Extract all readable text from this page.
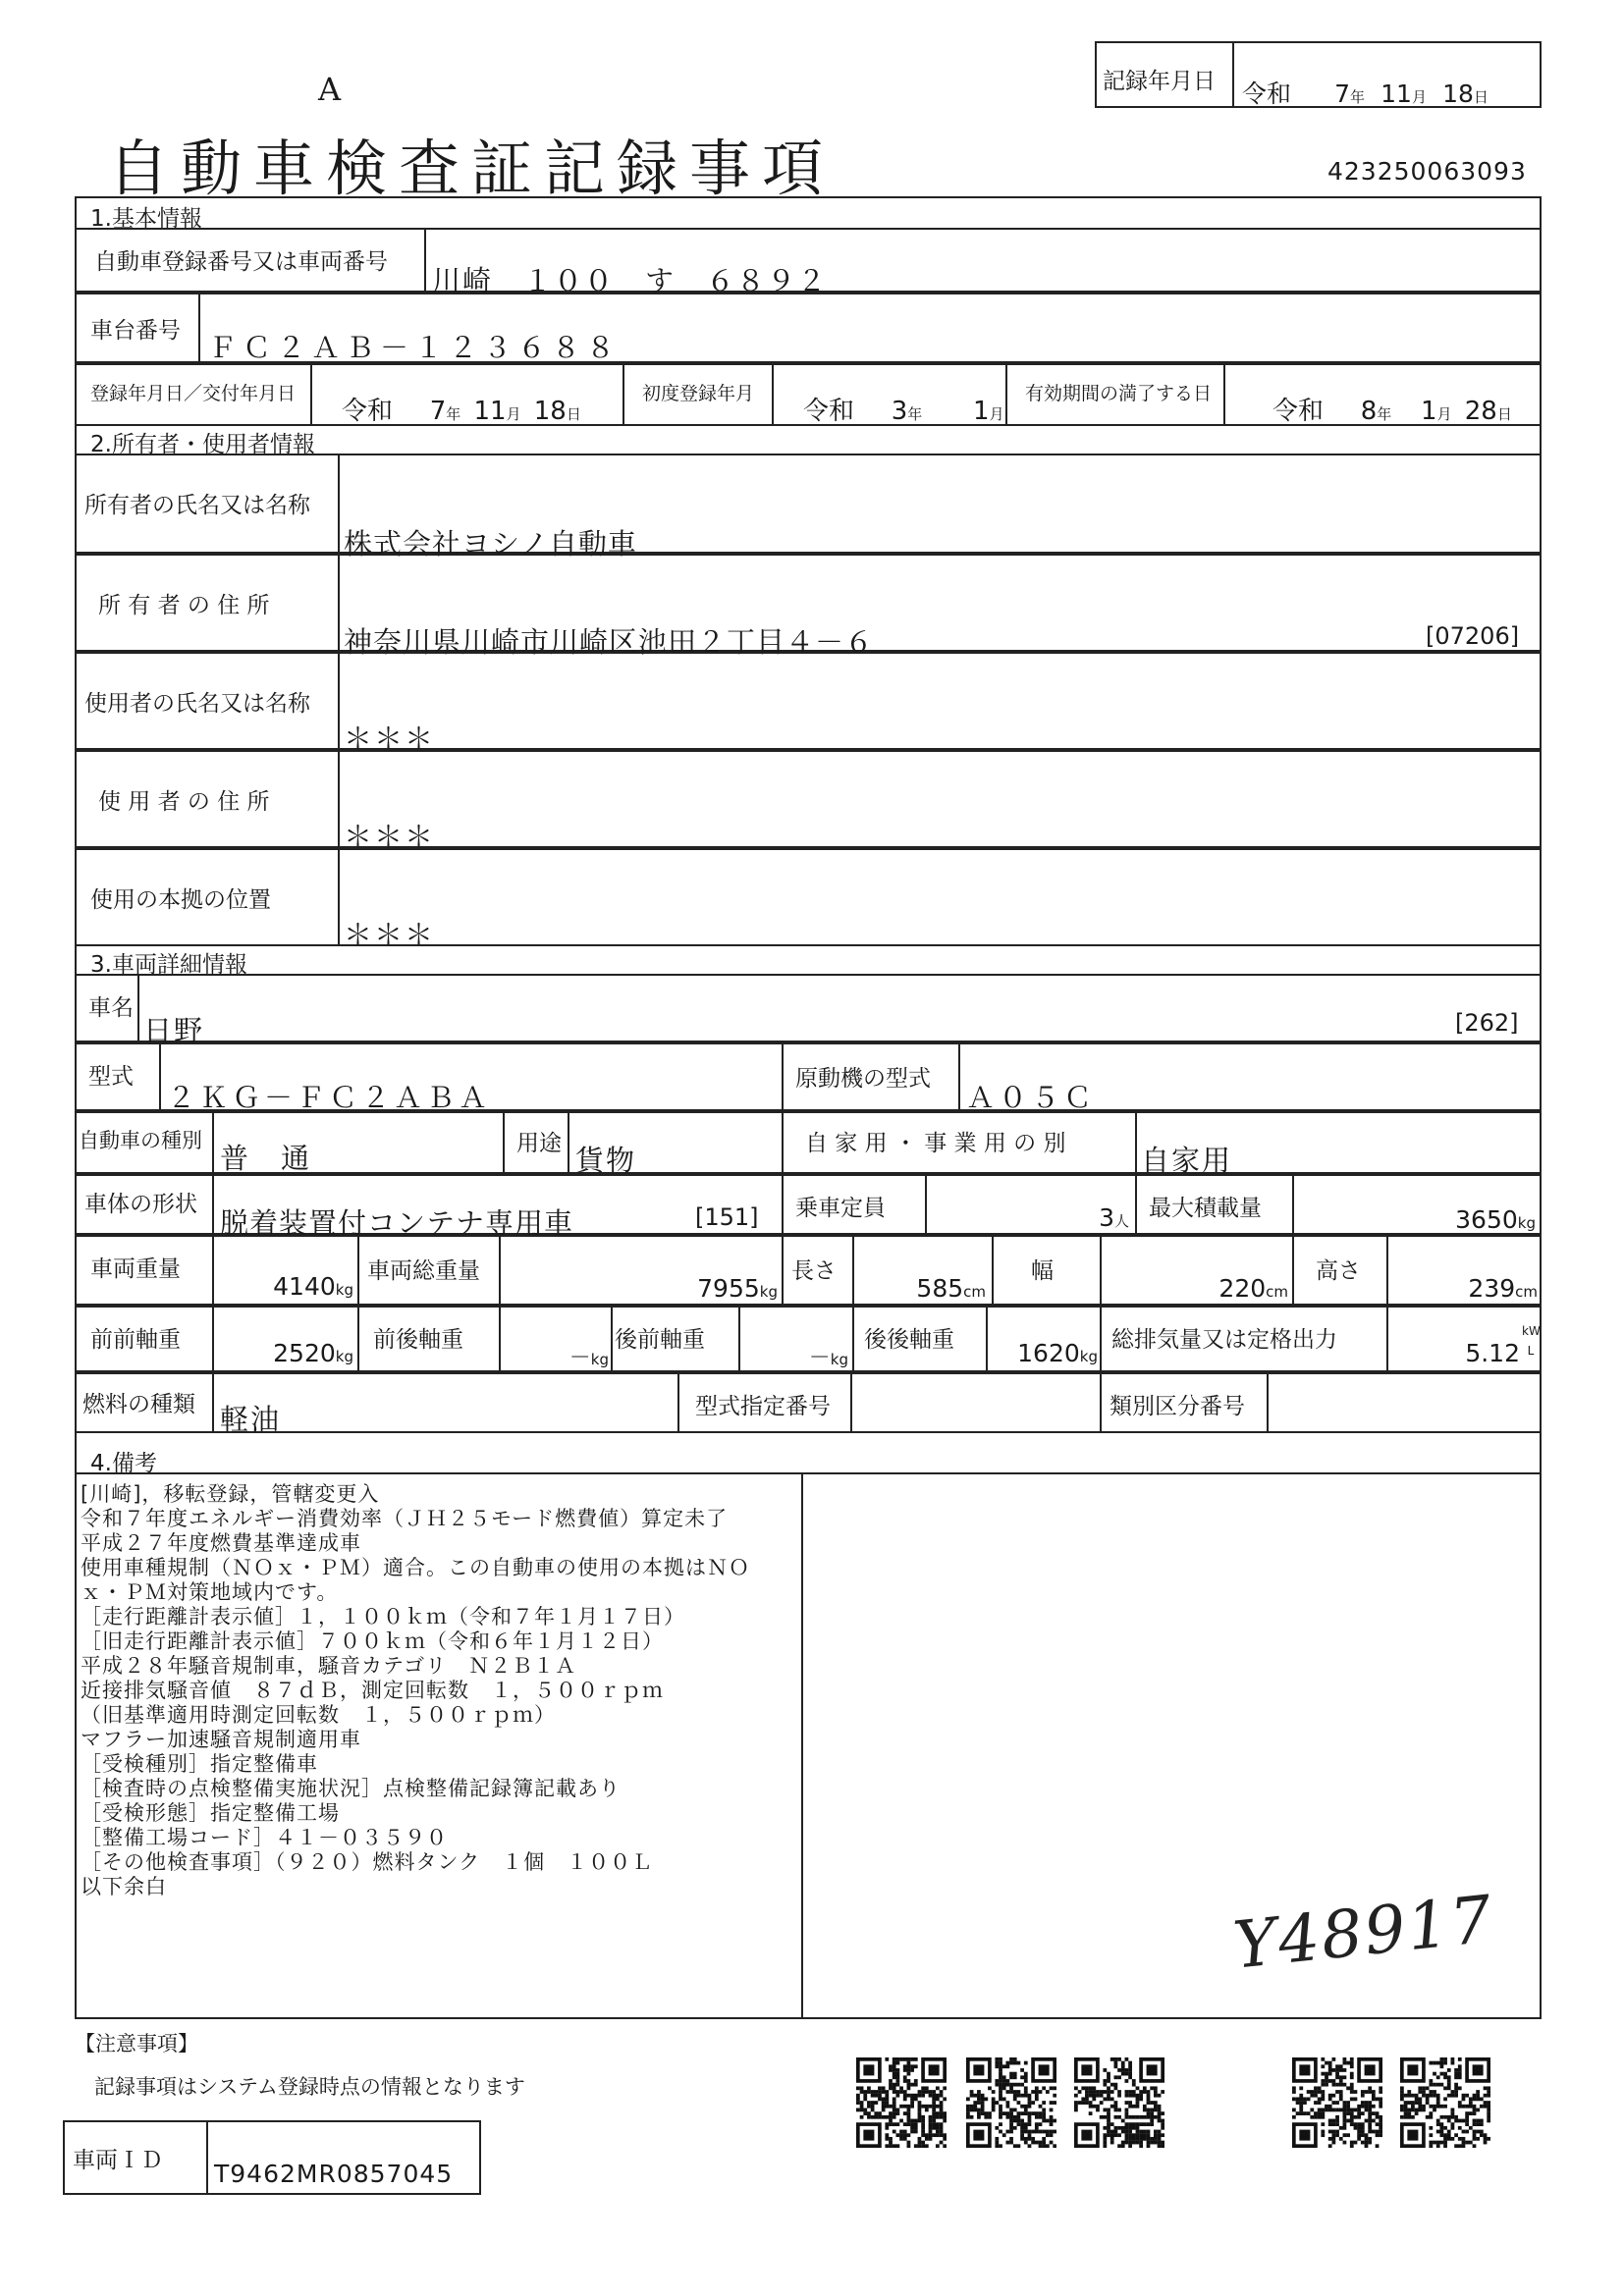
A
自動車検査証記録事項
記録年月日 令和 7年 11月 18日
423250063093
1.基本情報
自動車登録番号又は車両番号
川崎　１００　す　６８９２
車台番号 ＦＣ２ＡＢ－１２３６８８
登録年月日／交付年月日
令和 7年 11月 18日
初度登録年月
令和 3年 1月
有効期間の満了する日
令和 8年 1月 28日
2.所有者・使用者情報
所有者の氏名又は名称
株式会社ヨシノ自動車
所 有 者 の 住 所
神奈川県川崎市川崎区池田２丁目４－６	[07206]
使用者の氏名又は名称
＊＊＊
使 用 者 の 住 所
＊＊＊
使用の本拠の位置
＊＊＊
3.車両詳細情報
車名
日野	[262]
型式
２ＫＧ－ＦＣ２ＡＢＡ
原動機の型式
Ａ０５Ｃ
自動車の種別
普　通	用途 貨物	自 家 用 ・ 事 業 用 の 別	自家用
車体の形状
脱着装置付コンテナ専用車	[151] 乗車定員	3人 最大積載量	3650kg
車両重量
4140kg
車両総重量
7955kg
長さ
585cm
幅
220cm
高さ
239cm
前前軸重	2520kg
前後軸重
－kg
後前軸重
－kg
後後軸重	1620kg
総排気量又は定格出力	5.12
kW
L
燃料の種類 軽油	型式指定番号	類別区分番号
4.備考
[川崎]，移転登録，管轄変更入
令和７年度エネルギー消費効率（ＪＨ２５モード燃費値）算定未了
平成２７年度燃費基準達成車
使用車種規制（ＮＯｘ・ＰＭ）適合。この自動車の使用の本拠はＮＯ
ｘ・ＰＭ対策地域内です。
［走行距離計表示値］１，１００ｋｍ（令和７年１月１７日）
［旧走行距離計表示値］７００ｋｍ（令和６年１月１２日）
平成２８年騒音規制車，騒音カテゴリ　Ｎ２Ｂ１Ａ
近接排気騒音値　８７ｄＢ，測定回転数　１，５００ｒｐｍ
（旧基準適用時測定回転数　１，５００ｒｐｍ）
マフラー加速騒音規制適用車
［受検種別］指定整備車
［検査時の点検整備実施状況］点検整備記録簿記載あり
［受検形態］指定整備工場
［整備工場コード］４１－０３５９０
［その他検査事項］（９２０）燃料タンク　１個　１００Ｌ
以下余白	Y48917
【注意事項】
記録事項はシステム登録時点の情報となります
車両ＩＤ T9462MR0857045
